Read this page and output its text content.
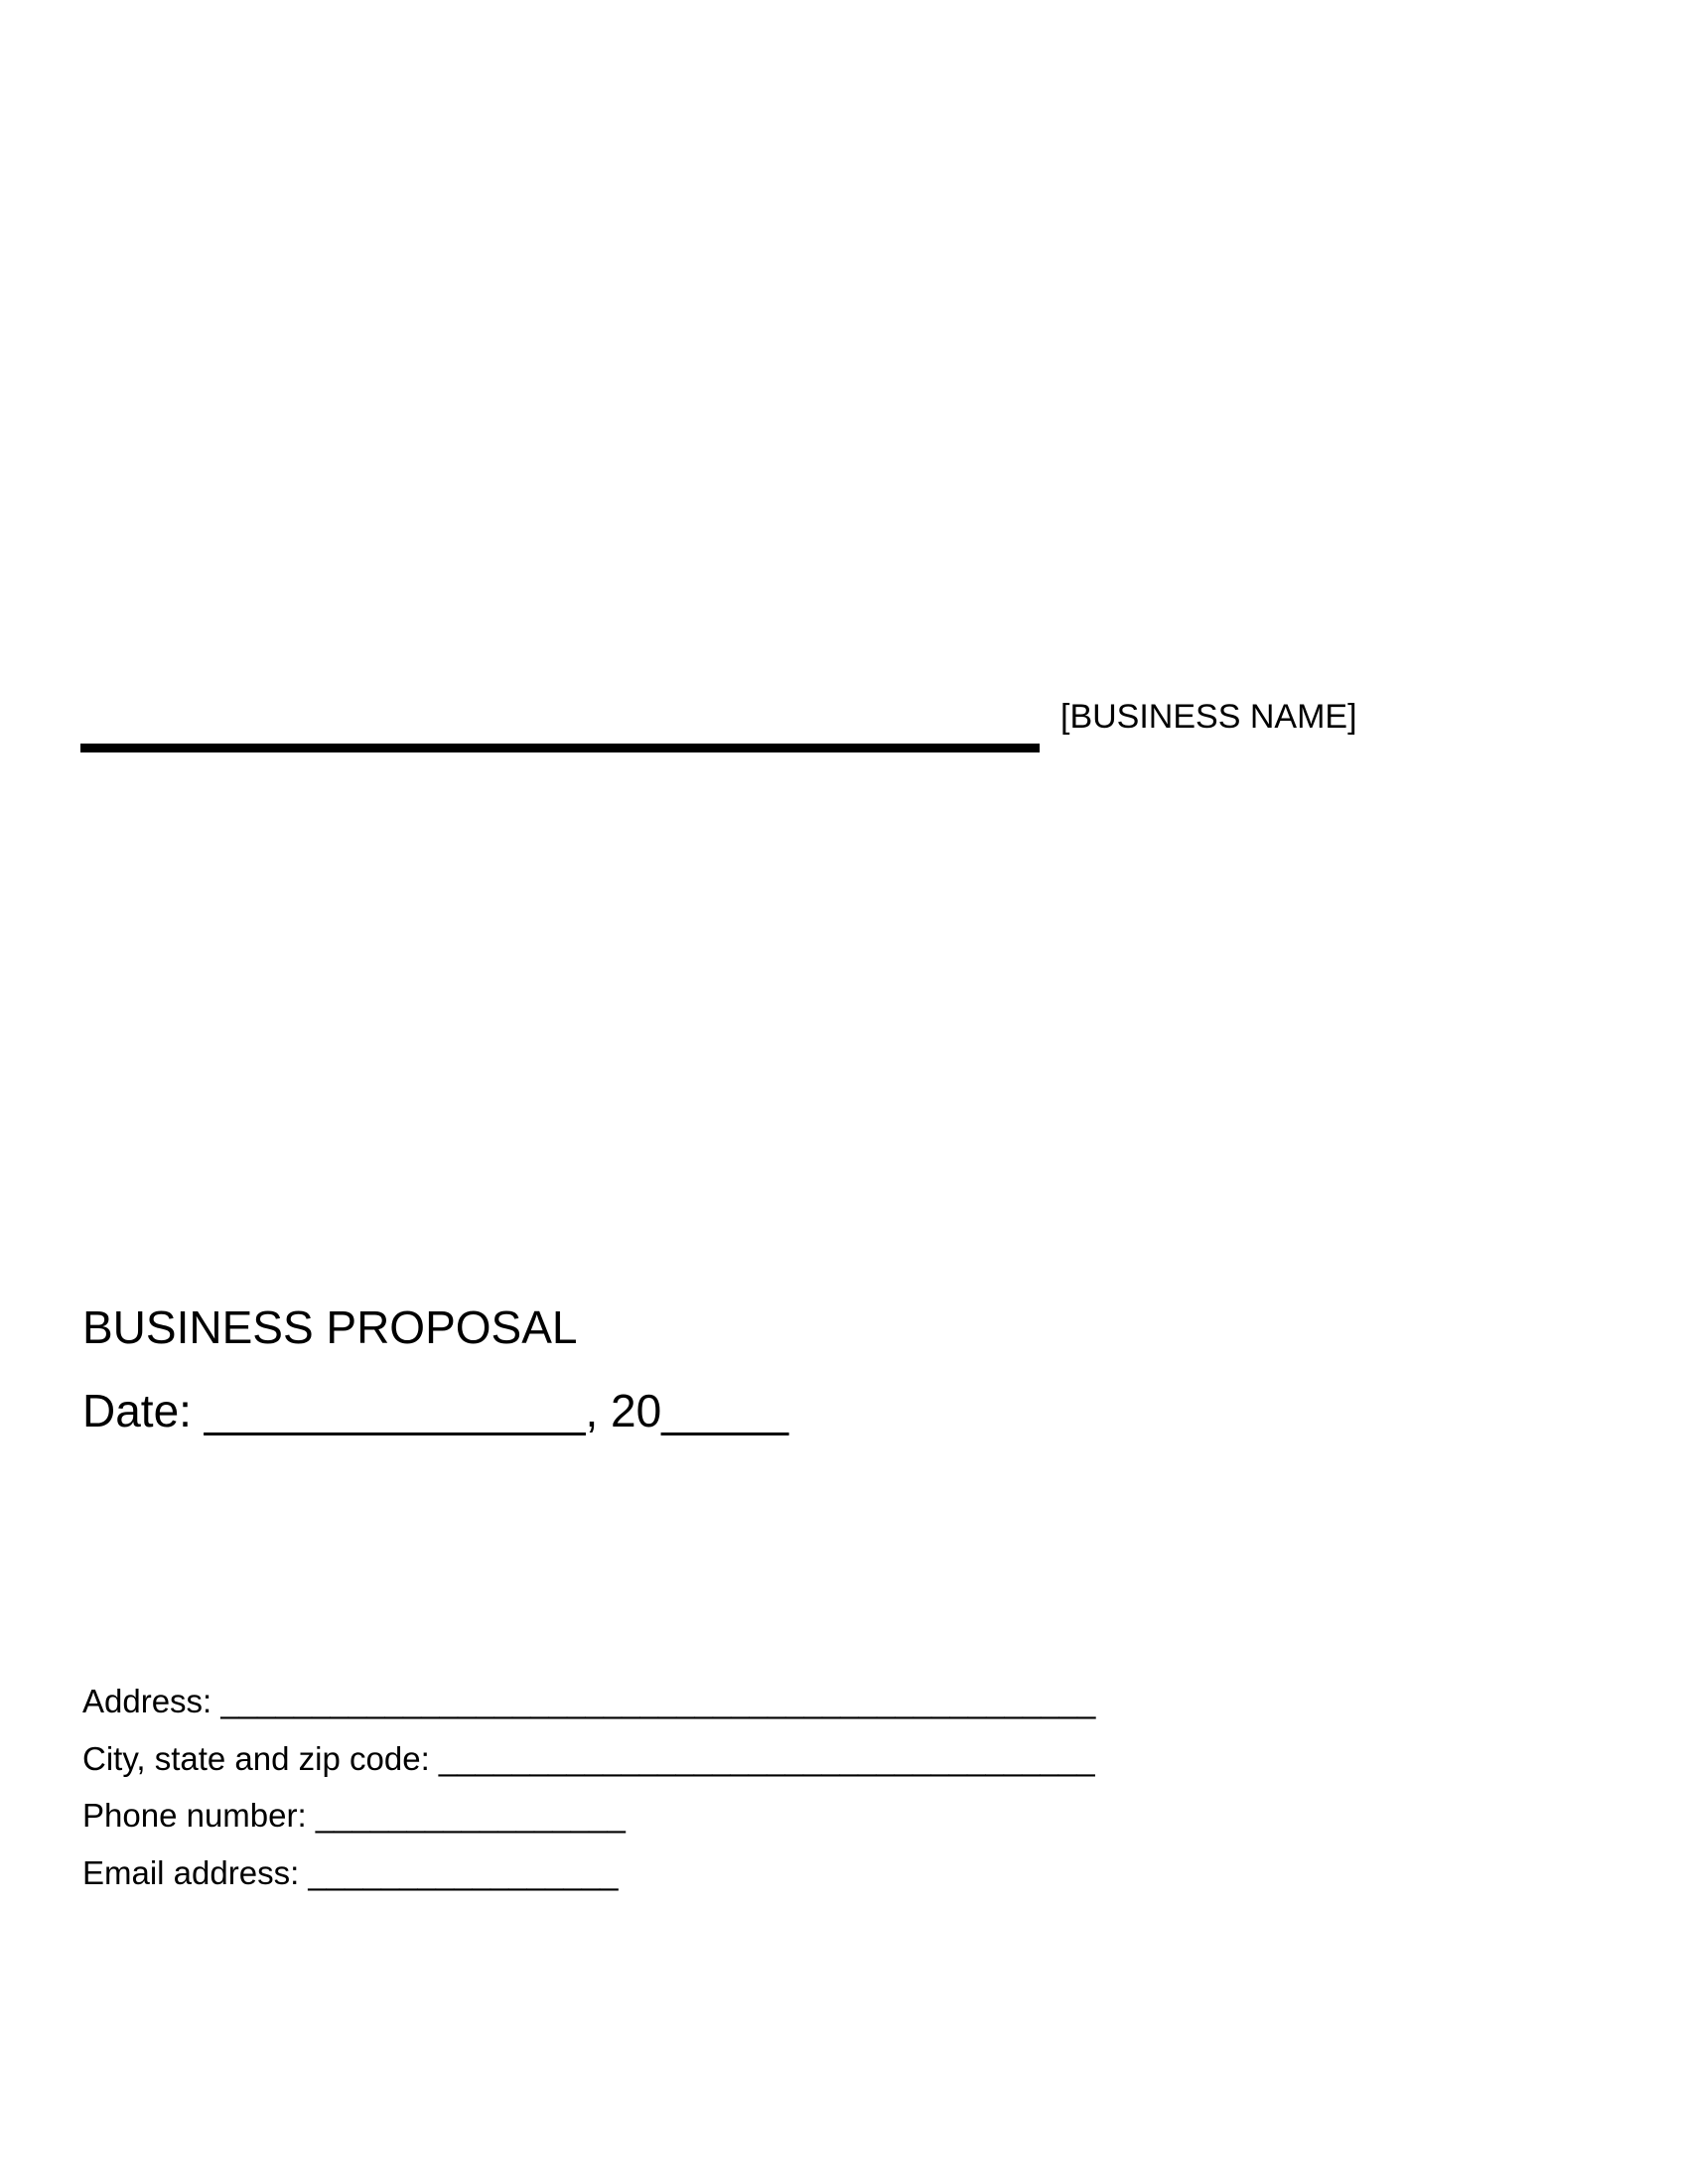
[BUSINESS NAME]
BUSINESS PROPOSAL
Date: _______________, 20_____
Address: ________________________________________________
City, state and zip code: ____________________________________
Phone number: _________________
Email address: _________________
